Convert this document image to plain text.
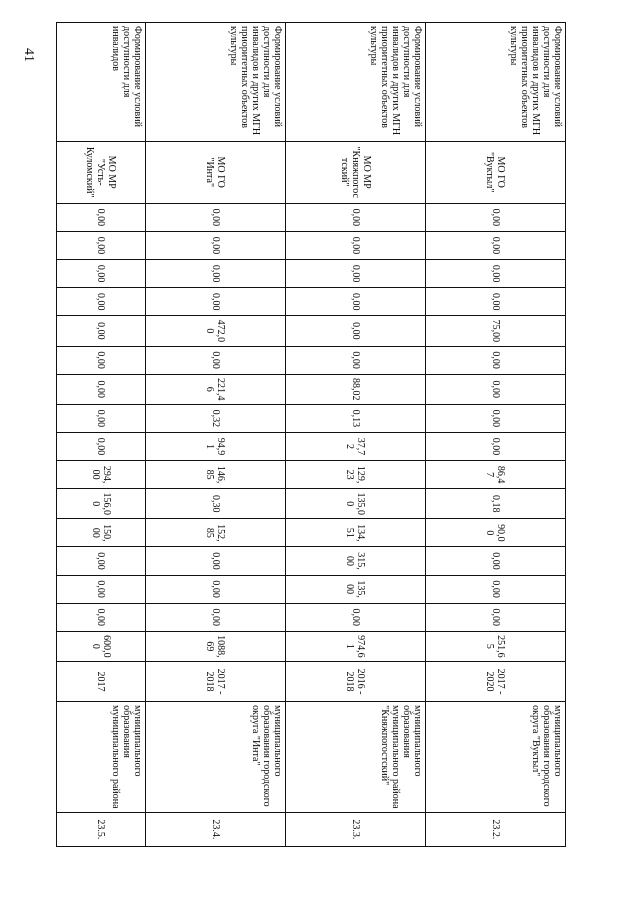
41	Формирование условий доступности для инвалидов и других МГН приоритетных объектов культуры	МО ГО "Вуктыл"	0,00	0,00	0,00	0,00	75,00	0,00	0,00	0,00	0,00	86,47	0,18	90,00	0,00	0,00	0,00	251,65	2017 - 2020	муниципального образования городского округа "Вуктыл"	23.2.
Формирование условий доступности для инвалидов и других МГН приоритетных объектов культуры	МО МР "Княжпогостский"	0,00	0,00	0,00	0,00	0,00	0,00	88,02	0,13	37,72	129,23	135,00	134,51	315,00	135,00	0,00	974,61	2016 - 2018	муниципального образования муниципального района "Княжпогостский"	23.3.
Формирование условий доступности для инвалидов и других МГН приоритетных объектов культуры	МО ГО "Инта"	0,00	0,00	0,00	0,00	472,00	0,00	221,46	0,32	94,91	146,85	0,30	152,85	0,00	0,00	0,00	1088,69	2017 - 2018	муниципального образования городского округа "Инта"	23.4.
Формирование условий доступности для инвалидов	МО МР "Усть-Куломский"	0,00	0,00	0,00	0,00	0,00	0,00	0,00	0,00	0,00	294,00	156,00	150,00	0,00	0,00	0,00	600,00	2017	муниципального образования муниципального района	23.5.
